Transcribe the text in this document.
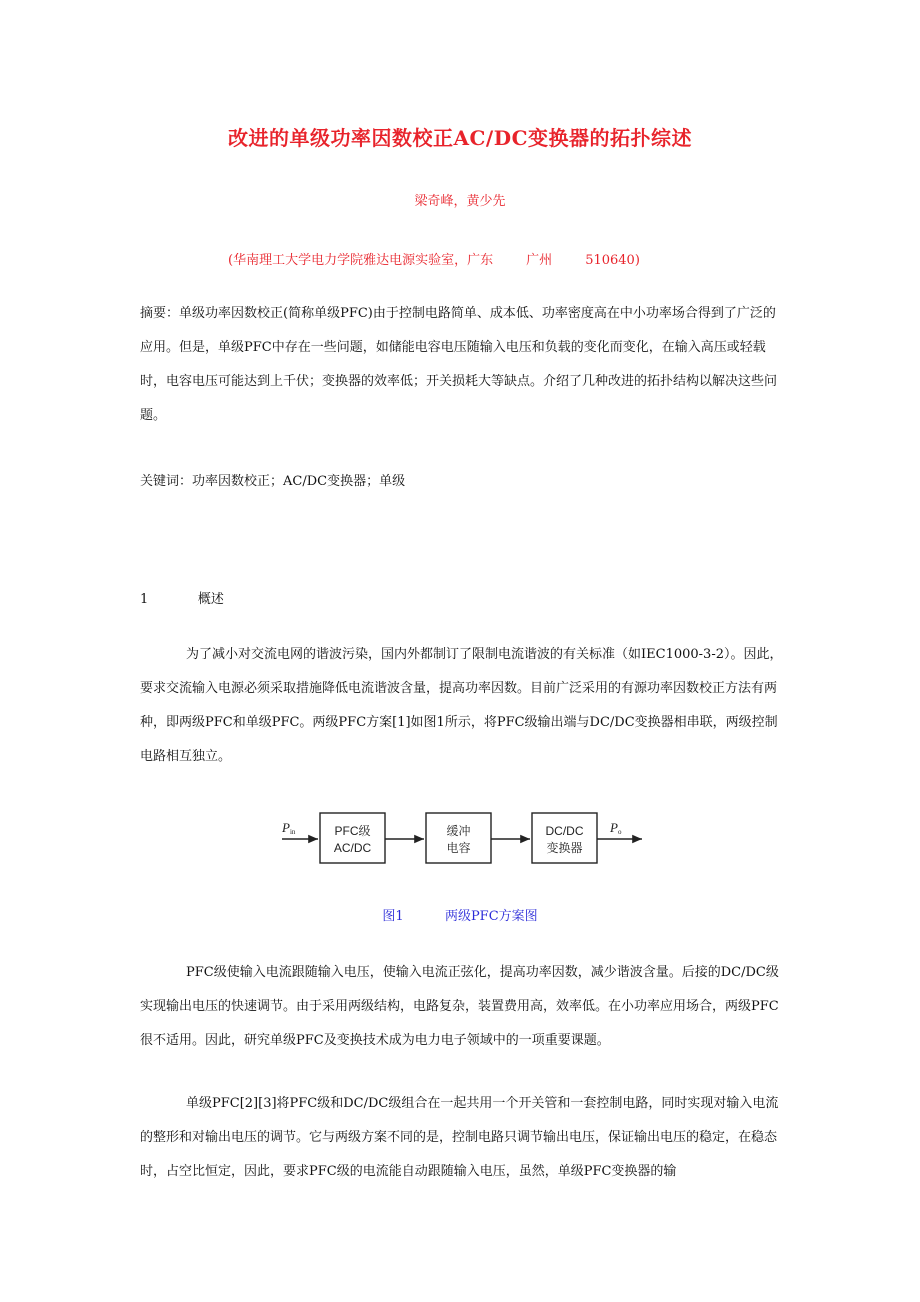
改进的单级功率因数校正AC/DC变换器的拓扑综述
梁奇峰，黄少先
(华南理工大学电力学院雅达电源实验室，广东        广州        510640)

摘要：单级功率因数校正(简称单级PFC)由于控制电路简单、成本低、功率密度高在中小功率场合得到了广泛的应用。但是，单级PFC中存在一些问题，如储能电容电压随输入电压和负载的变化而变化，在输入高压或轻载时，电容电压可能达到上千伏；变换器的效率低；开关损耗大等缺点。介绍了几种改进的拓扑结构以解决这些问题。

关键词：功率因数校正；AC/DC变换器；单级
1	概述

为了减小对交流电网的谐波污染，国内外都制订了限制电流谐波的有关标准（如IEC1000-3-2）。因此，要求交流输入电源必须采取措施降低电流谐波含量，提高功率因数。目前广泛采用的有源功率因数校正方法有两种，即两级PFC和单级PFC。两级PFC方案[1]如图1所示，将PFC级输出端与DC/DC变换器相串联，两级控制电路相互独立。

Pin	PFC级
AC/DC
缓冲
电容
DC/DC
变换器
Po
图1	两级PFC方案图

PFC级使输入电流跟随输入电压，使输入电流正弦化，提高功率因数，减少谐波含量。后接的DC/DC级实现输出电压的快速调节。由于采用两级结构，电路复杂，装置费用高，效率低。在小功率应用场合，两级PFC很不适用。因此，研究单级PFC及变换技术成为电力电子领域中的一项重要课题。

单级PFC[2][3]将PFC级和DC/DC级组合在一起共用一个开关管和一套控制电路，同时实现对输入电流的整形和对输出电压的调节。它与两级方案不同的是，控制电路只调节输出电压，保证输出电压的稳定，在稳态时，占空比恒定，因此，要求PFC级的电流能自动跟随输入电压，虽然，单级PFC变换器的输
